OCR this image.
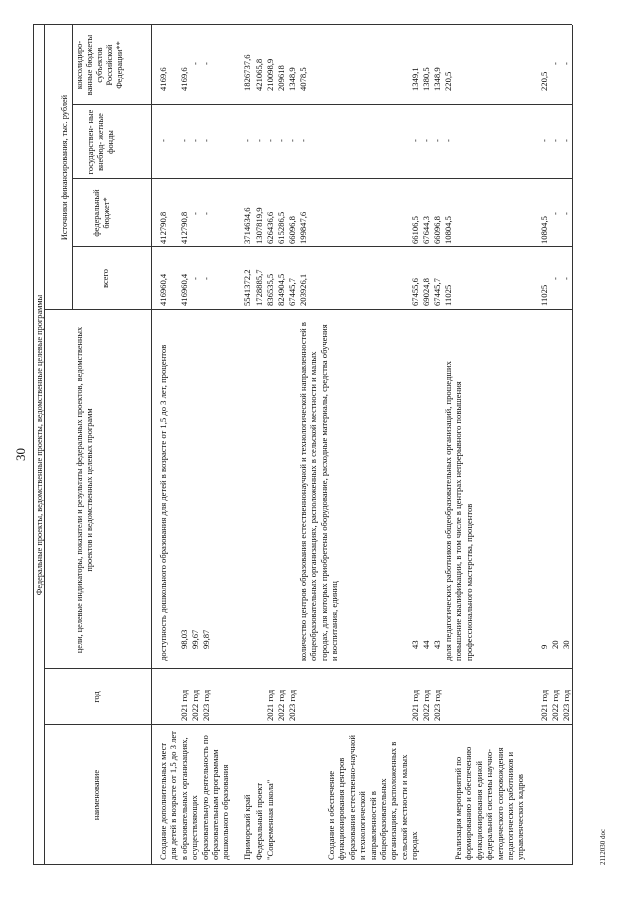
30 Федеральные проекты, ведомственные проекты, ведомственные целевые программы
Источники финансирования, тыс. рублей
наименование
год
цели, целевые индикаторы, показатели и результаты федеральных проектов, ведомственных проектов и ведомственных целевых программ
всего
федеральный бюджет*
государствен- ные внебюд- жетные фонды
консолидиро- ванные бюджеты субъектов Российской Федерации**
Создание дополнительных мест для детей в возрасте от 1,5 до 3 лет в образовательных организациях, осуществляющих образовательную деятельность по образовательным программам дошкольного образования
доступность дошкольного образования для детей в возрасте от 1,5 до 3 лет, процентов
416960,4
412790,8
-
4169,6
2021 год
98,03
416960,4
412790,8
-
4169,6
2022 год
99,67
-
-
-
-
2023 год
99,87
-
-
-
-
Приморский край
5541372,2
3714634,6
-
1826737,6
Федеральный проект
1728885,7
1307819,9
-
421065,8
"Современная школа"
2021 год
836535,5
626436,6
-
210098,9
2022 год
824904,5
615286,5
-
209618
2023 год
67445,7
66096,8
-
1348,9
Создание и обеспечение функционирования центров образования естественно-научной и технологической направленностей в общеобразовательных организациях, расположенных в сельской местности и малых городах
количество центров образования естественнонаучной и технологической направленностей в общеобразовательных организациях, расположенных в сельской местности и малых городах, для которых приобретены оборудование, расходные материалы, средства обучения и воспитания, единиц
203926,1
199847,6
-
4078,5
2021 год
43
67455,6
66106,5
-
1349,1
2022 год
44
69024,8
67644,3
-
1380,5
2023 год
43
67445,7
66096,8
-
1348,9
Реализация мероприятий по формированию и обеспечению функционирования единой федеральной системы научно-методического сопровождения педагогических работников и управленческих кадров
доля педагогических работников общеобразовательных организаций, прошедших повышение квалификации, в том числе в центрах непрерывного повышения профессионального мастерства, процентов
11025
10804,5
-
220,5
2021 год
9
11025
10804,5
-
220,5
2022 год
20
-
-
-
-
2023 год
30
-
-
-
-
2112030 doc
